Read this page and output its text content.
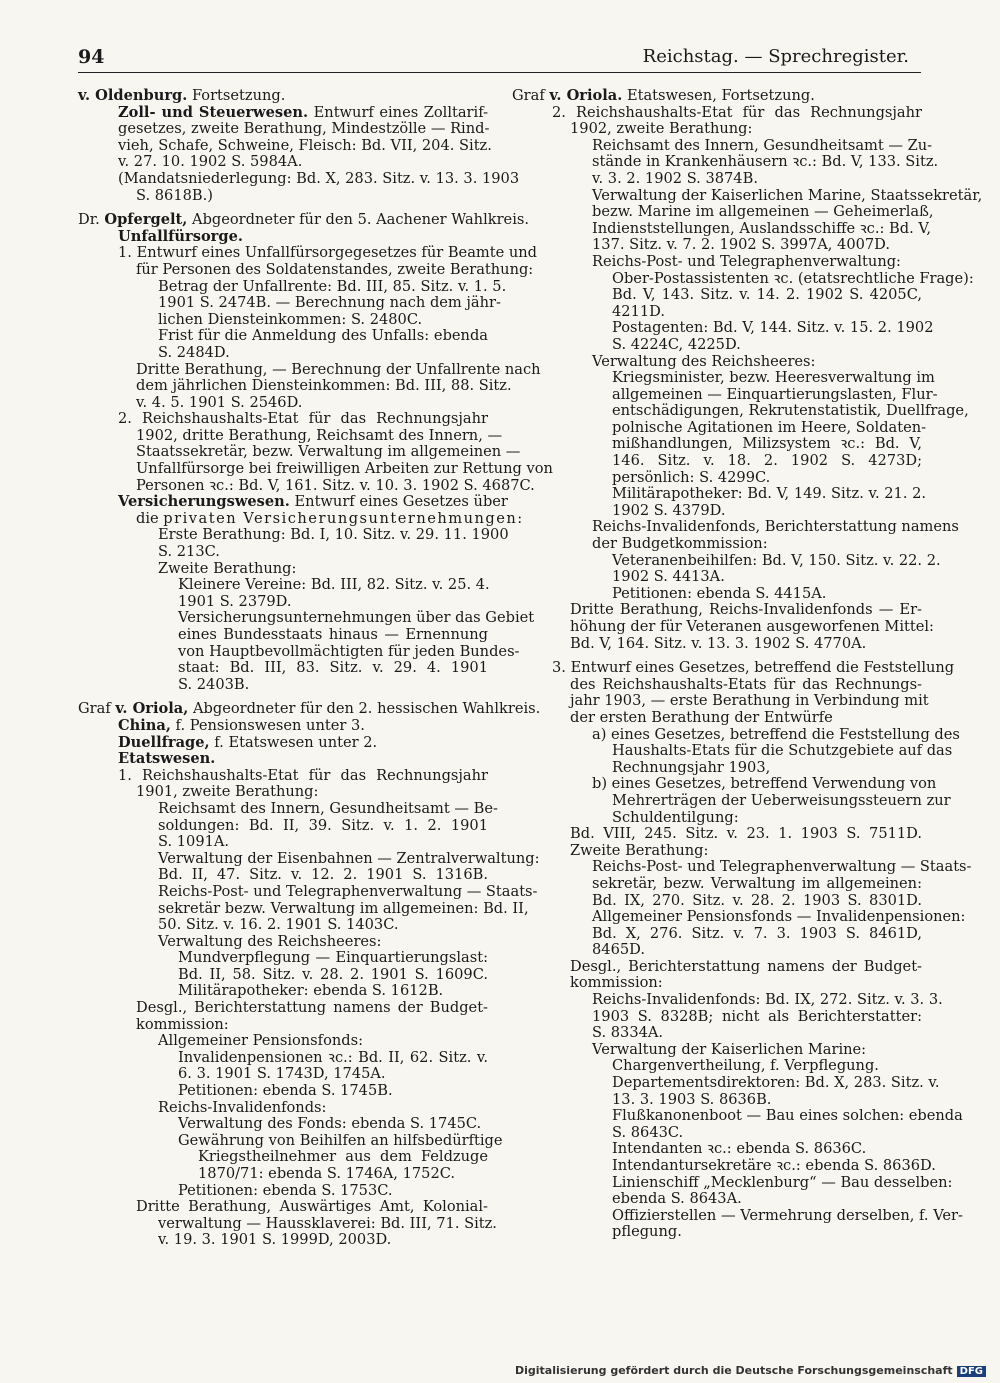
94	Reichstag. — Sprechregister.
v. Oldenburg. Fortsetzung.
Zoll- und Steuerwesen. Entwurf eines Zolltarif-
gesetzes, zweite Berathung, Mindestzölle — Rind-
vieh, Schafe, Schweine, Fleisch: Bd. VII, 204. Sitz.
v. 27. 10. 1902 S. 5984A.
(Mandatsniederlegung: Bd. X, 283. Sitz. v. 13. 3. 1903
S. 8618B.)
Dr. Opfergelt, Abgeordneter für den 5. Aachener Wahlkreis.
Unfallfürsorge.
1. Entwurf eines Unfallfürsorgegesetzes für Beamte und
für Personen des Soldatenstandes, zweite Berathung:
Betrag der Unfallrente: Bd. III, 85. Sitz. v. 1. 5.
1901 S. 2474B. — Berechnung nach dem jähr-
lichen Diensteinkommen: S. 2480C.
Frist für die Anmeldung des Unfalls: ebenda
S. 2484D.
Dritte Berathung, — Berechnung der Unfallrente nach
dem jährlichen Diensteinkommen: Bd. III, 88. Sitz.
v. 4. 5. 1901 S. 2546D.
2. Reichshaushalts-Etat für das Rechnungsjahr
1902, dritte Berathung, Reichsamt des Innern, —
Staatssekretär, bezw. Verwaltung im allgemeinen —
Unfallfürsorge bei freiwilligen Arbeiten zur Rettung von
Personen ꝛc.: Bd. V, 161. Sitz. v. 10. 3. 1902 S. 4687C.
Versicherungswesen. Entwurf eines Gesetzes über
die privaten Versicherungsunternehmungen:
Erste Berathung: Bd. I, 10. Sitz. v. 29. 11. 1900
S. 213C.
Zweite Berathung:
Kleinere Vereine: Bd. III, 82. Sitz. v. 25. 4.
1901 S. 2379D.
Versicherungsunternehmungen über das Gebiet
eines Bundesstaats hinaus — Ernennung
von Hauptbevollmächtigten für jeden Bundes-
staat: Bd. III, 83. Sitz. v. 29. 4. 1901
S. 2403B.
Graf v. Oriola, Abgeordneter für den 2. hessischen Wahlkreis.
China, f. Pensionswesen unter 3.
Duellfrage, f. Etatswesen unter 2.
Etatswesen.
1. Reichshaushalts-Etat für das Rechnungsjahr
1901, zweite Berathung:
Reichsamt des Innern, Gesundheitsamt — Be-
soldungen: Bd. II, 39. Sitz. v. 1. 2. 1901
S. 1091A.
Verwaltung der Eisenbahnen — Zentralverwaltung:
Bd. II, 47. Sitz. v. 12. 2. 1901 S. 1316B.
Reichs-Post- und Telegraphenverwaltung — Staats-
sekretär bezw. Verwaltung im allgemeinen: Bd. II,
50. Sitz. v. 16. 2. 1901 S. 1403C.
Verwaltung des Reichsheeres:
Mundverpflegung — Einquartierungslast:
Bd. II, 58. Sitz. v. 28. 2. 1901 S. 1609C.
Militärapotheker: ebenda S. 1612B.
Desgl., Berichterstattung namens der Budget-
kommission:
Allgemeiner Pensionsfonds:
Invalidenpensionen ꝛc.: Bd. II, 62. Sitz. v.
6. 3. 1901 S. 1743D, 1745A.
Petitionen: ebenda S. 1745B.
Reichs-Invalidenfonds:
Verwaltung des Fonds: ebenda S. 1745C.
Gewährung von Beihilfen an hilfsbedürftige
Kriegstheilnehmer aus dem Feldzuge
1870/71: ebenda S. 1746A, 1752C.
Petitionen: ebenda S. 1753C.
Dritte Berathung, Auswärtiges Amt, Kolonial-
verwaltung — Haussklaverei: Bd. III, 71. Sitz.
v. 19. 3. 1901 S. 1999D, 2003D.
Graf v. Oriola. Etatswesen, Fortsetzung.
2. Reichshaushalts-Etat für das Rechnungsjahr
1902, zweite Berathung:
Reichsamt des Innern, Gesundheitsamt — Zu-
stände in Krankenhäusern ꝛc.: Bd. V, 133. Sitz.
v. 3. 2. 1902 S. 3874B.
Verwaltung der Kaiserlichen Marine, Staatssekretär,
bezw. Marine im allgemeinen — Geheimerlaß,
Indienststellungen, Auslandsschiffe ꝛc.: Bd. V,
137. Sitz. v. 7. 2. 1902 S. 3997A, 4007D.
Reichs-Post- und Telegraphenverwaltung:
Ober-Postassistenten ꝛc. (etatsrechtliche Frage):
Bd. V, 143. Sitz. v. 14. 2. 1902 S. 4205C,
4211D.
Postagenten: Bd. V, 144. Sitz. v. 15. 2. 1902
S. 4224C, 4225D.
Verwaltung des Reichsheeres:
Kriegsminister, bezw. Heeresverwaltung im
allgemeinen — Einquartierungslasten, Flur-
entschädigungen, Rekrutenstatistik, Duellfrage,
polnische Agitationen im Heere, Soldaten-
mißhandlungen, Milizsystem ꝛc.: Bd. V,
146. Sitz. v. 18. 2. 1902 S. 4273D;
persönlich: S. 4299C.
Militärapotheker: Bd. V, 149. Sitz. v. 21. 2.
1902 S. 4379D.
Reichs-Invalidenfonds, Berichterstattung namens
der Budgetkommission:
Veteranenbeihilfen: Bd. V, 150. Sitz. v. 22. 2.
1902 S. 4413A.
Petitionen: ebenda S. 4415A.
Dritte Berathung, Reichs-Invalidenfonds — Er-
höhung der für Veteranen ausgeworfenen Mittel:
Bd. V, 164. Sitz. v. 13. 3. 1902 S. 4770A.
3. Entwurf eines Gesetzes, betreffend die Feststellung
des Reichshaushalts-Etats für das Rechnungs-
jahr 1903, — erste Berathung in Verbindung mit
der ersten Berathung der Entwürfe
a) eines Gesetzes, betreffend die Feststellung des
Haushalts-Etats für die Schutzgebiete auf das
Rechnungsjahr 1903,
b) eines Gesetzes, betreffend Verwendung von
Mehrerträgen der Ueberweisungssteuern zur
Schuldentilgung:
Bd. VIII, 245. Sitz. v. 23. 1. 1903 S. 7511D.
Zweite Berathung:
Reichs-Post- und Telegraphenverwaltung — Staats-
sekretär, bezw. Verwaltung im allgemeinen:
Bd. IX, 270. Sitz. v. 28. 2. 1903 S. 8301D.
Allgemeiner Pensionsfonds — Invalidenpensionen:
Bd. X, 276. Sitz. v. 7. 3. 1903 S. 8461D,
8465D.
Desgl., Berichterstattung namens der Budget-
kommission:
Reichs-Invalidenfonds: Bd. IX, 272. Sitz. v. 3. 3.
1903 S. 8328B; nicht als Berichterstatter:
S. 8334A.
Verwaltung der Kaiserlichen Marine:
Chargenvertheilung, f. Verpflegung.
Departementsdirektoren: Bd. X, 283. Sitz. v.
13. 3. 1903 S. 8636B.
Flußkanonenboot — Bau eines solchen: ebenda
S. 8643C.
Intendanten ꝛc.: ebenda S. 8636C.
Intendantursekretäre ꝛc.: ebenda S. 8636D.
Linienschiff „Mecklenburg“ — Bau desselben:
ebenda S. 8643A.
Offizierstellen — Vermehrung derselben, f. Ver-
pflegung.
Digitalisierung gefördert durch die Deutsche Forschungsgemeinschaft DFG
